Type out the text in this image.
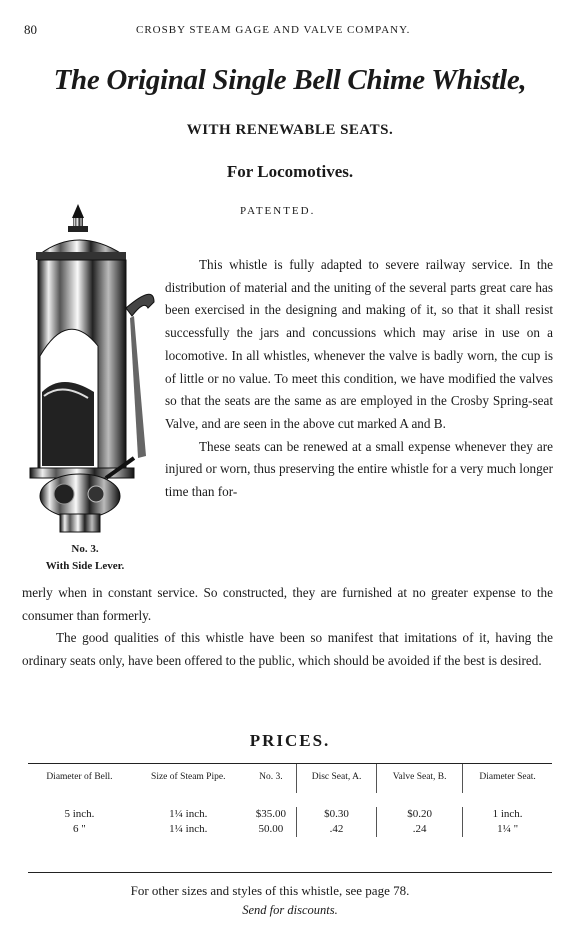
80	CROSBY STEAM GAGE AND VALVE COMPANY.
The Original Single Bell Chime Whistle,
WITH RENEWABLE SEATS.
For Locomotives.
PATENTED.
No. 3.
With Side Lever.

This whistle is fully adapted to severe railway service. In the distribution of material and the uniting of the several parts great care has been exercised in the designing and making of it, so that it shall resist successfully the jars and concussions which may arise in use on a locomotive. In all whistles, whenever the valve is badly worn, the cup is of little or no value. To meet this condition, we have modified the valves so that the seats are the same as are employed in the Crosby Spring-seat Valve, and are seen in the above cut marked A and B.

These seats can be renewed at a small expense whenever they are injured or worn, thus preserving the entire whistle for a very much longer time than for-

merly when in constant service. So constructed, they are furnished at no greater expense to the consumer than formerly.

The good qualities of this whistle have been so manifest that imitations of it, having the ordinary seats only, have been offered to the public, which should be avoided if the best is desired.

PRICES.
Diameter of Bell.	Size of Steam Pipe.	No. 3.	Disc Seat, A.	Valve Seat, B.	Diameter Seat.

5 inch.	1¼ inch.	$35.00	$0.30	$0.20	1 inch.
6 "	1¼ inch.	50.00	.42	.24	1¼ "
For other sizes and styles of this whistle, see page 78.
Send for discounts.
